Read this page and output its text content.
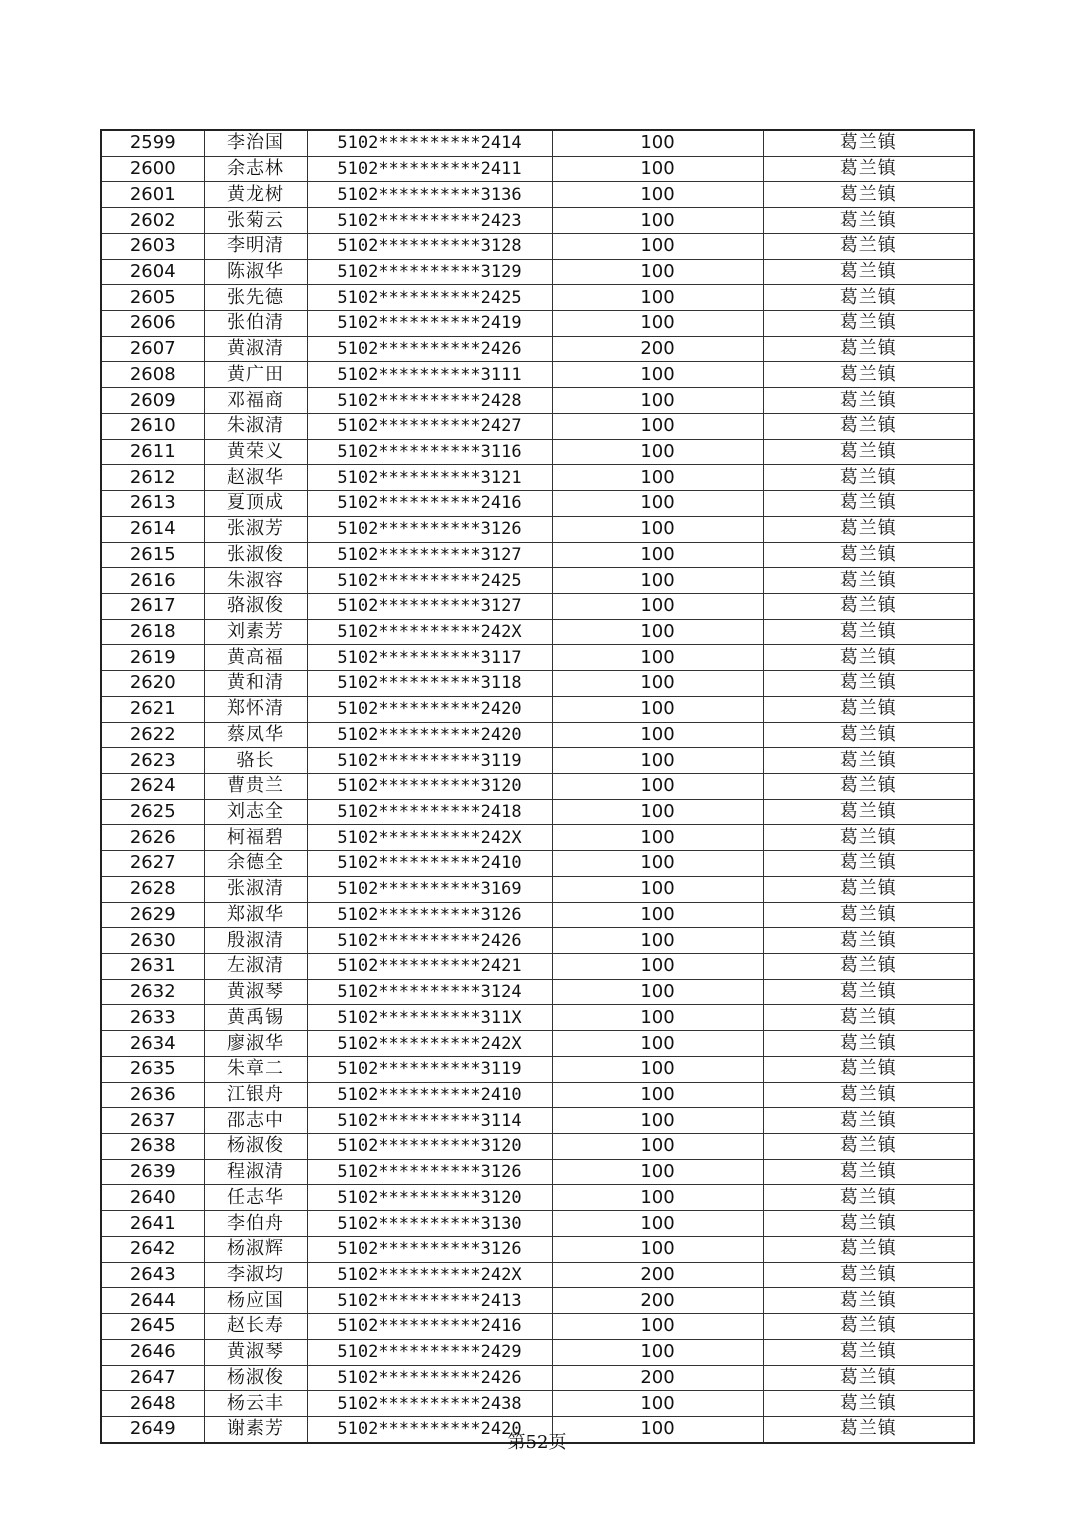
2599	李治国	5102**********2414	100	葛兰镇
2600	余志林	5102**********2411	100	葛兰镇
2601	黄龙树	5102**********3136	100	葛兰镇
2602	张菊云	5102**********2423	100	葛兰镇
2603	李明清	5102**********3128	100	葛兰镇
2604	陈淑华	5102**********3129	100	葛兰镇
2605	张先德	5102**********2425	100	葛兰镇
2606	张伯清	5102**********2419	100	葛兰镇
2607	黄淑清	5102**********2426	200	葛兰镇
2608	黄广田	5102**********3111	100	葛兰镇
2609	邓福商	5102**********2428	100	葛兰镇
2610	朱淑清	5102**********2427	100	葛兰镇
2611	黄荣义	5102**********3116	100	葛兰镇
2612	赵淑华	5102**********3121	100	葛兰镇
2613	夏顶成	5102**********2416	100	葛兰镇
2614	张淑芳	5102**********3126	100	葛兰镇
2615	张淑俊	5102**********3127	100	葛兰镇
2616	朱淑容	5102**********2425	100	葛兰镇
2617	骆淑俊	5102**********3127	100	葛兰镇
2618	刘素芳	5102**********242X	100	葛兰镇
2619	黄高福	5102**********3117	100	葛兰镇
2620	黄和清	5102**********3118	100	葛兰镇
2621	郑怀清	5102**********2420	100	葛兰镇
2622	蔡凤华	5102**********2420	100	葛兰镇
2623	骆长	5102**********3119	100	葛兰镇
2624	曹贵兰	5102**********3120	100	葛兰镇
2625	刘志全	5102**********2418	100	葛兰镇
2626	柯福碧	5102**********242X	100	葛兰镇
2627	余德全	5102**********2410	100	葛兰镇
2628	张淑清	5102**********3169	100	葛兰镇
2629	郑淑华	5102**********3126	100	葛兰镇
2630	殷淑清	5102**********2426	100	葛兰镇
2631	左淑清	5102**********2421	100	葛兰镇
2632	黄淑琴	5102**********3124	100	葛兰镇
2633	黄禹锡	5102**********311X	100	葛兰镇
2634	廖淑华	5102**********242X	100	葛兰镇
2635	朱章二	5102**********3119	100	葛兰镇
2636	江银舟	5102**********2410	100	葛兰镇
2637	邵志中	5102**********3114	100	葛兰镇
2638	杨淑俊	5102**********3120	100	葛兰镇
2639	程淑清	5102**********3126	100	葛兰镇
2640	任志华	5102**********3120	100	葛兰镇
2641	李伯舟	5102**********3130	100	葛兰镇
2642	杨淑辉	5102**********3126	100	葛兰镇
2643	李淑均	5102**********242X	200	葛兰镇
2644	杨应国	5102**********2413	200	葛兰镇
2645	赵长寿	5102**********2416	100	葛兰镇
2646	黄淑琴	5102**********2429	100	葛兰镇
2647	杨淑俊	5102**********2426	200	葛兰镇
2648	杨云丰	5102**********2438	100	葛兰镇
2649	谢素芳	5102**********2420	100	葛兰镇
第52页
